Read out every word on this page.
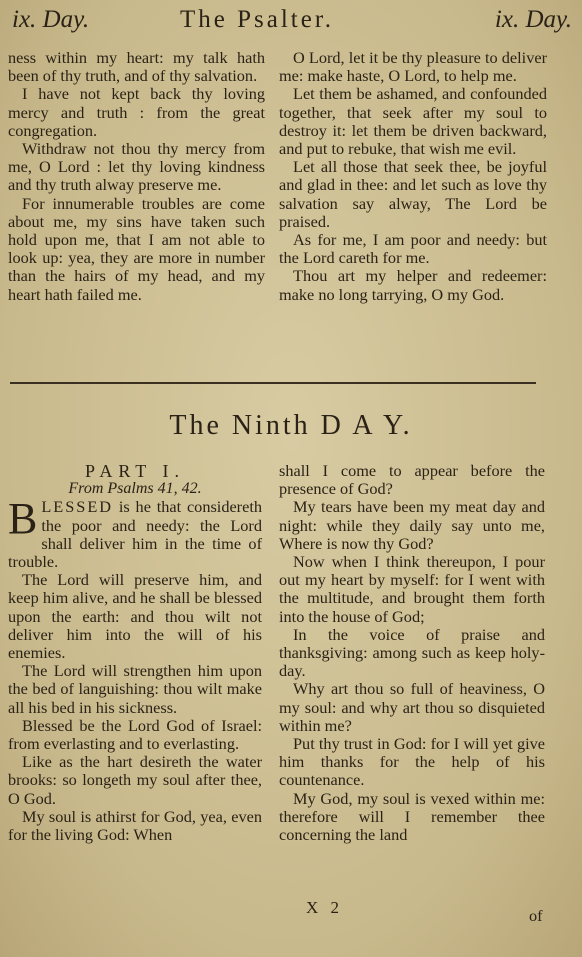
ix. Day.	The Psalter.	ix. Day.

ness within my heart: my talk hath been of thy truth, and of thy salvation.

I have not kept back thy loving mercy and truth : from the great congregation.

Withdraw not thou thy mercy from me, O Lord : let thy loving kindness and thy truth alway preserve me.

For innumerable troubles are come about me, my sins have taken such hold upon me, that I am not able to look up: yea, they are more in number than the hairs of my head, and my heart hath failed me.

O Lord, let it be thy pleasure to deliver me: make haste, O Lord, to help me.

Let them be ashamed, and confounded together, that seek after my soul to destroy it: let them be driven backward, and put to rebuke, that wish me evil.

Let all those that seek thee, be joyful and glad in thee: and let such as love thy salvation say alway, The Lord be praised.

As for me, I am poor and needy: but the Lord careth for me.

Thou art my helper and redeemer: make no long tarrying, O my God.

The Ninth D A Y.

PART I.

From Psalms 41, 42.

BLESSED is he that considereth the poor and needy: the Lord shall deliver him in the time of trouble.

The Lord will preserve him, and keep him alive, and he shall be blessed upon the earth: and thou wilt not deliver him into the will of his enemies.

The Lord will strengthen him upon the bed of languishing: thou wilt make all his bed in his sickness.

Blessed be the Lord God of Israel: from everlasting and to everlasting.

Like as the hart desireth the water brooks: so longeth my soul after thee, O God.

My soul is athirst for God, yea, even for the living God: When

shall I come to appear before the presence of God?

My tears have been my meat day and night: while they daily say unto me, Where is now thy God?

Now when I think thereupon, I pour out my heart by myself: for I went with the multitude, and brought them forth into the house of God;

In the voice of praise and thanksgiving: among such as keep holy-day.

Why art thou so full of heaviness, O my soul: and why art thou so disquieted within me?

Put thy trust in God: for I will yet give him thanks for the help of his countenance.

My God, my soul is vexed within me: therefore will I remember thee concerning the land

X 2	of
